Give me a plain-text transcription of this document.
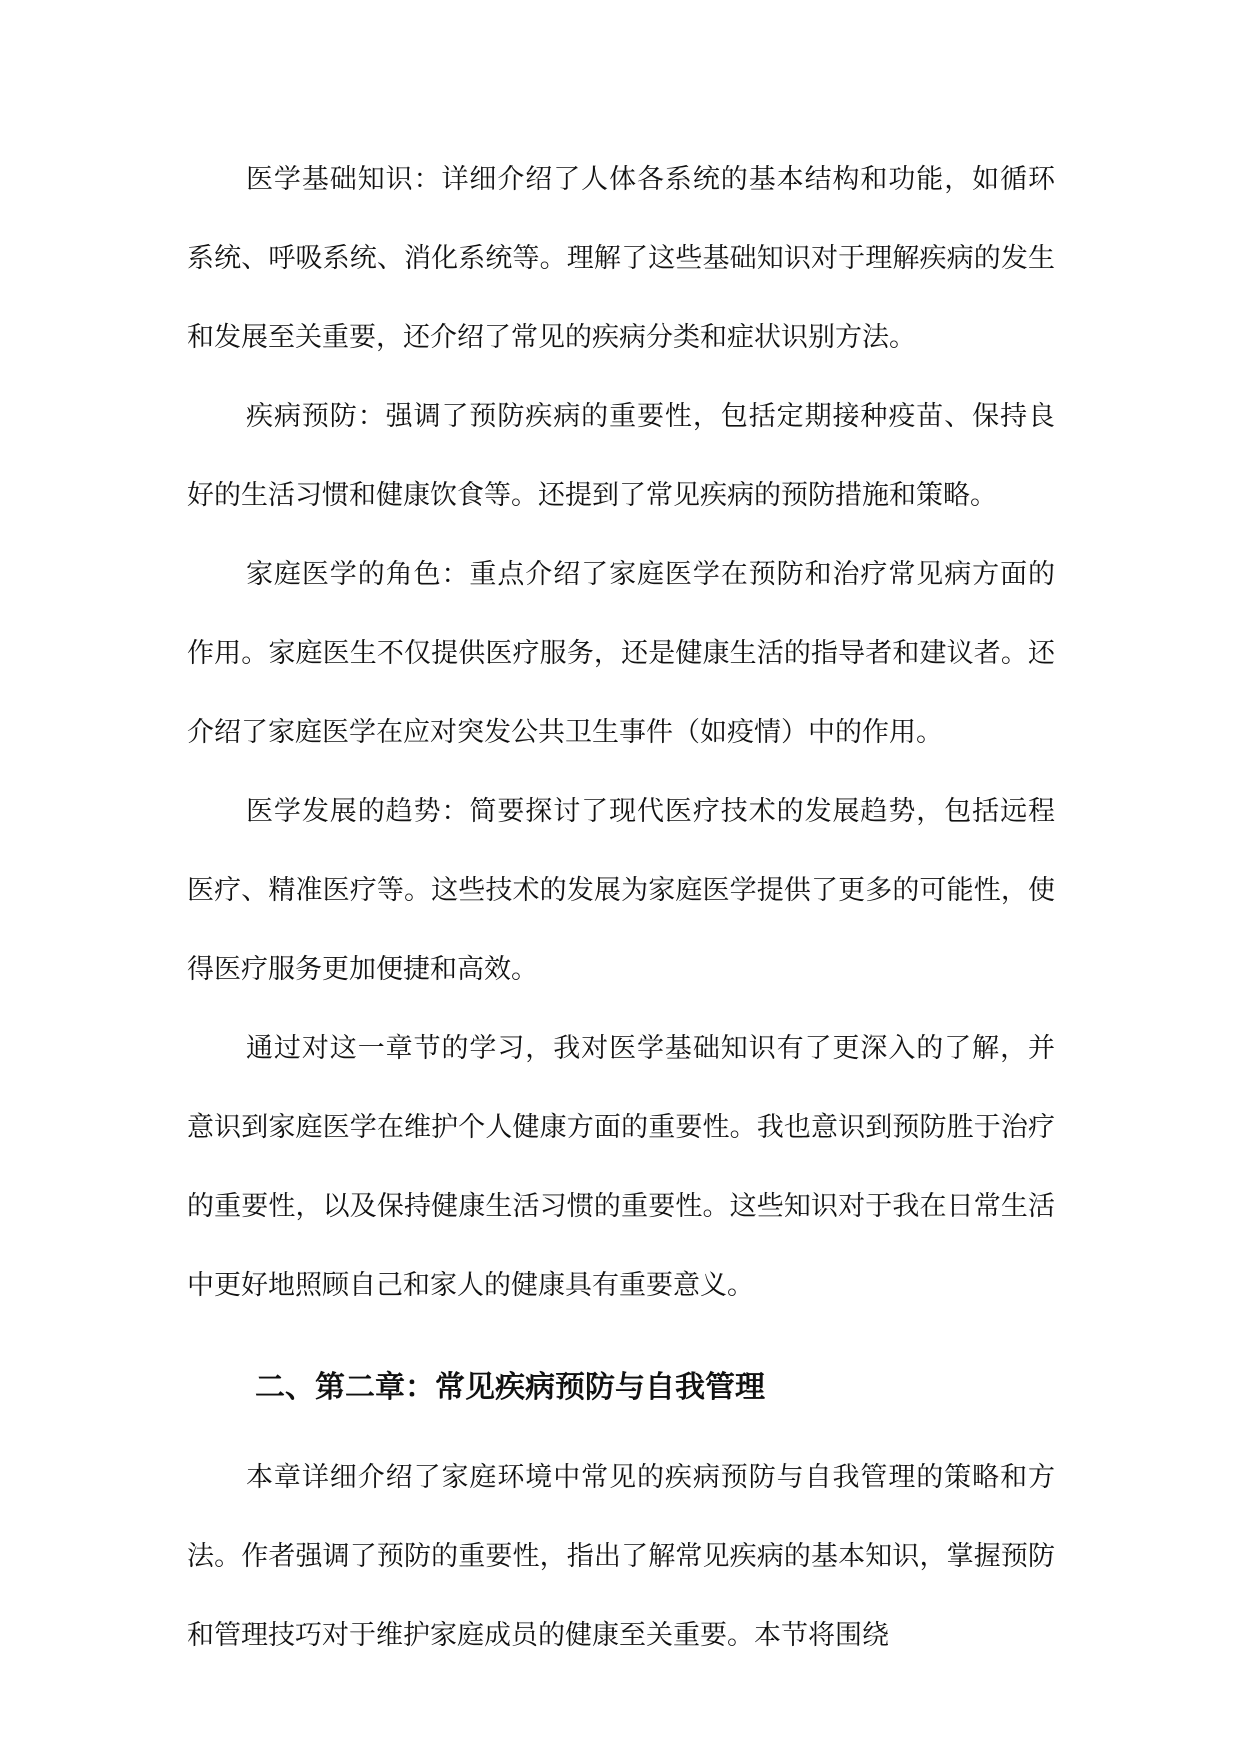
医学基础知识：详细介绍了人体各系统的基本结构和功能，如循环系统、呼吸系统、消化系统等。理解了这些基础知识对于理解疾病的发生和发展至关重要，还介绍了常见的疾病分类和症状识别方法。

疾病预防：强调了预防疾病的重要性，包括定期接种疫苗、保持良好的生活习惯和健康饮食等。还提到了常见疾病的预防措施和策略。

家庭医学的角色：重点介绍了家庭医学在预防和治疗常见病方面的作用。家庭医生不仅提供医疗服务，还是健康生活的指导者和建议者。还介绍了家庭医学在应对突发公共卫生事件（如疫情）中的作用。

医学发展的趋势：简要探讨了现代医疗技术的发展趋势，包括远程医疗、精准医疗等。这些技术的发展为家庭医学提供了更多的可能性，使得医疗服务更加便捷和高效。

通过对这一章节的学习，我对医学基础知识有了更深入的了解，并意识到家庭医学在维护个人健康方面的重要性。我也意识到预防胜于治疗的重要性，以及保持健康生活习惯的重要性。这些知识对于我在日常生活中更好地照顾自己和家人的健康具有重要意义。

二、第二章：常见疾病预防与自我管理

本章详细介绍了家庭环境中常见的疾病预防与自我管理的策略和方法。作者强调了预防的重要性，指出了解常见疾病的基本知识，掌握预防和管理技巧对于维护家庭成员的健康至关重要。本节将围绕
